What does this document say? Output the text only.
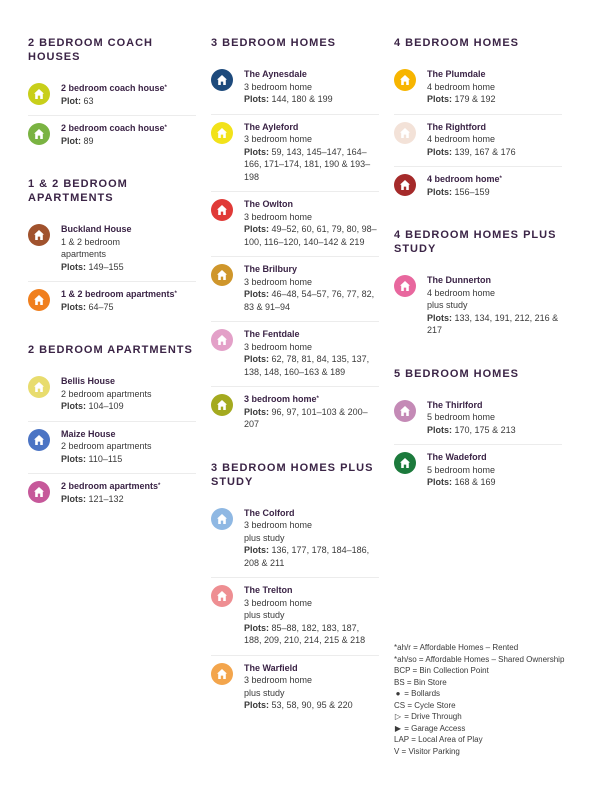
2 BEDROOM COACH HOUSES
2 bedroom coach house*
Plot: 63
2 bedroom coach house*
Plot: 89
1 & 2 BEDROOM APARTMENTS
Buckland House
1 & 2 bedroom
apartments
Plots: 149–155
1 & 2 bedroom apartments*
Plots: 64–75
2 BEDROOM APARTMENTS
Bellis House
2 bedroom apartments
Plots: 104–109
Maize House
2 bedroom apartments
Plots: 110–115
2 bedroom apartments*
Plots: 121–132
3 BEDROOM HOMES
The Aynesdale
3 bedroom home
Plots: 144, 180 & 199
The Ayleford
3 bedroom home
Plots: 59, 143, 145–147, 164–166, 171–174, 181, 190 & 193–198
The Owlton
3 bedroom home
Plots: 49–52, 60, 61, 79, 80, 98–100, 116–120, 140–142 & 219
The Brilbury
3 bedroom home
Plots: 46–48, 54–57, 76, 77, 82, 83 & 91–94
The Fentdale
3 bedroom home
Plots: 62, 78, 81, 84, 135, 137, 138, 148, 160–163 & 189
3 bedroom home*
Plots: 96, 97, 101–103 & 200–207
3 BEDROOM HOMES PLUS STUDY
The Colford
3 bedroom home
plus study
Plots: 136, 177, 178, 184–186, 208 & 211
The Trelton
3 bedroom home
plus study
Plots: 85–88, 182, 183, 187, 188, 209, 210, 214, 215 & 218
The Warfield
3 bedroom home
plus study
Plots: 53, 58, 90, 95 & 220
4 BEDROOM HOMES
The Plumdale
4 bedroom home
Plots: 179 & 192
The Rightford
4 bedroom home
Plots: 139, 167 & 176
4 bedroom home*
Plots: 156–159
4 BEDROOM HOMES PLUS STUDY
The Dunnerton
4 bedroom home
plus study
Plots: 133, 134, 191, 212, 216 & 217
5 BEDROOM HOMES
The Thirlford
5 bedroom home
Plots: 170, 175 & 213
The Wadeford
5 bedroom home
Plots: 168 & 169
*ah/r = Affordable Homes – Rented
*ah/so = Affordable Homes – Shared Ownership
BCP = Bin Collection Point
BS = Bin Store
● = Bollards
CS = Cycle Store
▷ = Drive Through
▶ = Garage Access
LAP = Local Area of Play
V = Visitor Parking
